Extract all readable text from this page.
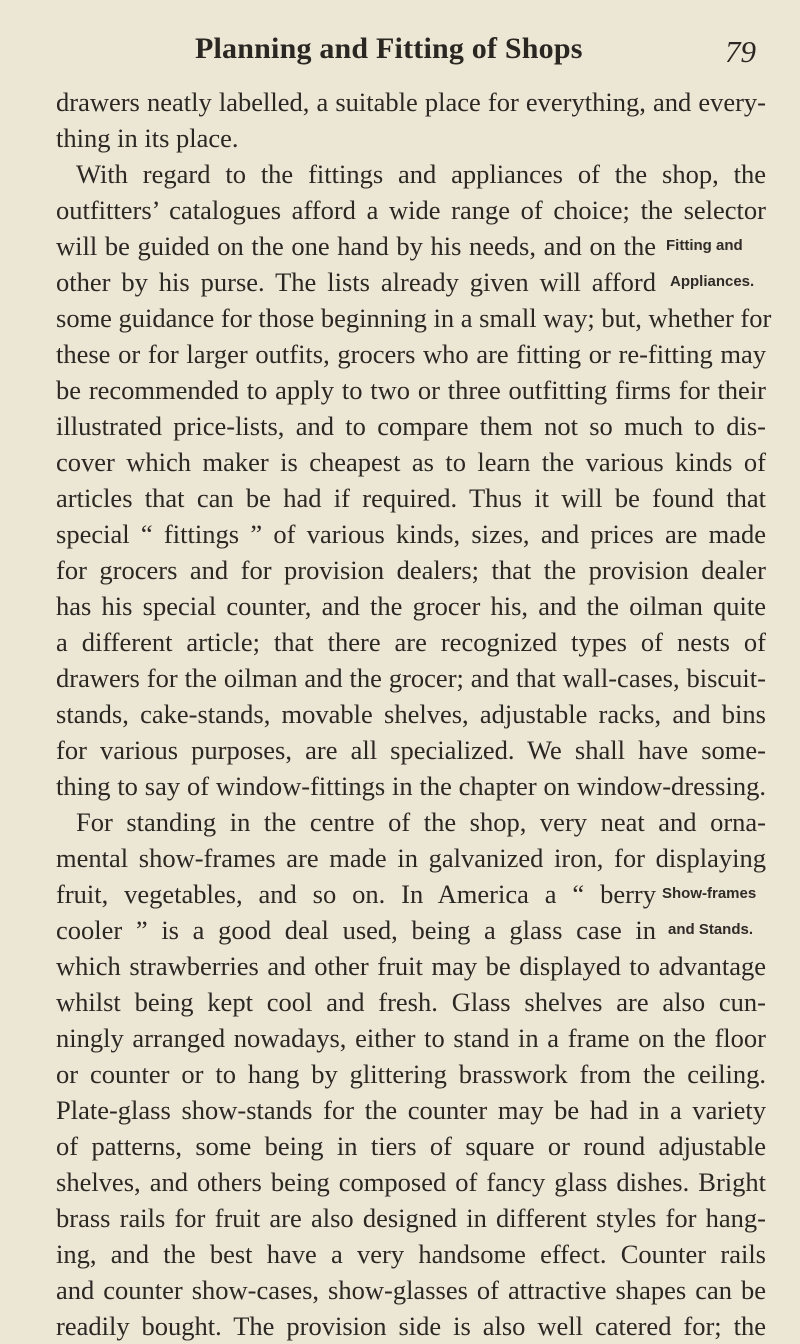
Planning and Fitting of Shops	79
drawers neatly labelled, a suitable place for everything, and every-
thing in its place.
With regard to the fittings and appliances of the shop, the
outfitters’ catalogues afford a wide range of choice; the selector
will be guided on the one hand by his needs, and on the
other by his purse. The lists already given will afford
some guidance for those beginning in a small way; but, whether for
these or for larger outfits, grocers who are fitting or re-fitting may
be recommended to apply to two or three outfitting firms for their
illustrated price-lists, and to compare them not so much to dis-
cover which maker is cheapest as to learn the various kinds of
articles that can be had if required. Thus it will be found that
special “ fittings ” of various kinds, sizes, and prices are made
for grocers and for provision dealers; that the provision dealer
has his special counter, and the grocer his, and the oilman quite
a different article; that there are recognized types of nests of
drawers for the oilman and the grocer; and that wall-cases, biscuit-
stands, cake-stands, movable shelves, adjustable racks, and bins
for various purposes, are all specialized. We shall have some-
thing to say of window-fittings in the chapter on window-dressing.
For standing in the centre of the shop, very neat and orna-
mental show-frames are made in galvanized iron, for displaying
fruit, vegetables, and so on. In America a “ berry
cooler ” is a good deal used, being a glass case in
which strawberries and other fruit may be displayed to advantage
whilst being kept cool and fresh. Glass shelves are also cun-
ningly arranged nowadays, either to stand in a frame on the floor
or counter or to hang by glittering brasswork from the ceiling.
Plate-glass show-stands for the counter may be had in a variety
of patterns, some being in tiers of square or round adjustable
shelves, and others being composed of fancy glass dishes. Bright
brass rails for fruit are also designed in different styles for hang-
ing, and the best have a very handsome effect. Counter rails
and counter show-cases, show-glasses of attractive shapes can be
readily bought. The provision side is also well catered for; the
Fitting and
Appliances.
Show-frames
and Stands.
